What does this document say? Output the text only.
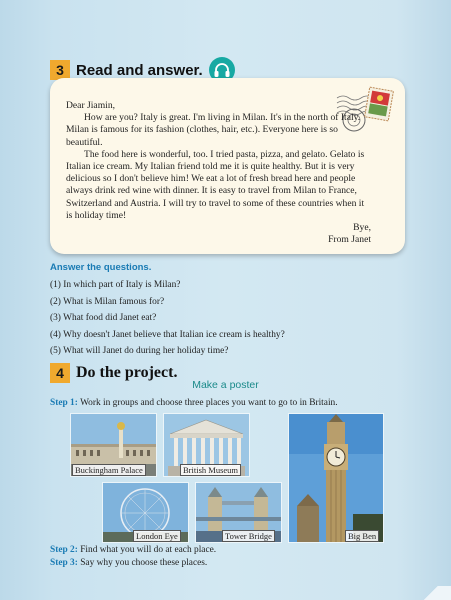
3 Read and answer.

Dear Jiamin,

How are you? Italy is great. I'm living in Milan. It's in the north of Italy. Milan is famous for its fashion (clothes, hair, etc.). Everyone here is so beautiful.

The food here is wonderful, too. I tried pasta, pizza, and gelato. Gelato is Italian ice cream. My Italian friend told me it is quite healthy. But it is very delicious so I don't believe him! We eat a lot of fresh bread here and people always drink red wine with dinner. It is easy to travel from Milan to France, Switzerland and Austria. I will try to travel to some of these countries when it is holiday time!

Bye,

From Janet

Answer the questions.
(1) In which part of Italy is Milan?
(2) What is Milan famous for?
(3) What food did Janet eat?
(4) Why doesn't Janet believe that Italian ice cream is healthy?
(5) What will Janet do during her holiday time?
4 Do the project.
Make a poster
Step 1: Work in groups and choose three places you want to go to in Britain.
Buckingham Palace	British Museum
Big Ben
London Eye	Tower Bridge
Step 2: Find what you will do at each place.
Step 3: Say why you choose these places.
